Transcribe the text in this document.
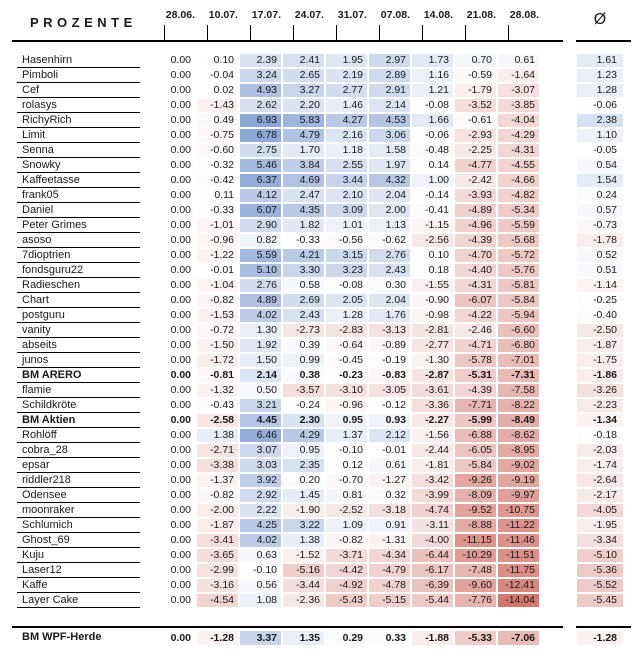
PROZENTE	28.06.	10.07.	17.07.	24.07.	31.07.	07.08.	14.08.	21.08.	28.08.	Ø
Hasenhirn	0.00	0.10	2.39	2.41	1.95	2.97	1.73	0.70	0.61	1.61
Pimboli	0.00	-0.04	3.24	2.65	2.19	2.89	1.16	-0.59	-1.64	1.23
Cef	0.00	0.02	4.93	3.27	2.77	2.91	1.21	-1.79	-3.07	1.28
rolasys	0.00	-1.43	2.62	2.20	1.46	2.14	-0.08	-3.52	-3.85	-0.06
RichyRich	0.00	0.49	6.93	5.83	4.27	4.53	1.66	-0.61	-4.04	2.38
Limit	0.00	-0.75	6.78	4.79	2.16	3.06	-0.06	-2.93	-4.29	1.10
Senna	0.00	-0.60	2.75	1.70	1.18	1.58	-0.48	-2.25	-4.31	-0.05
Snowky	0.00	-0.32	5.46	3.84	2.55	1.97	0.14	-4.77	-4.55	0.54
Kaffeetasse	0.00	-0.42	6.37	4.69	3.44	4.32	1.00	-2.42	-4.66	1.54
frank05	0.00	0.11	4.12	2.47	2.10	2.04	-0.14	-3.93	-4.82	0.24
Daniel	0.00	-0.33	6.07	4.35	3.09	2.00	-0.41	-4.89	-5.34	0.57
Peter Grimes	0.00	-1.01	2.90	1.82	1.01	1.13	-1.15	-4.96	-5.59	-0.73
asoso	0.00	-0.96	0.82	-0.33	-0.56	-0.62	-2.56	-4.39	-5.68	-1.78
7dioptrien	0.00	-1.22	5.59	4.21	3.15	2.76	0.10	-4.70	-5.72	0.52
fondsguru22	0.00	-0.01	5.10	3.30	3.23	2.43	0.18	-4.40	-5.76	0.51
Radieschen	0.00	-1.04	2.76	0.58	-0.08	0.30	-1.55	-4.31	-5.81	-1.14
Chart	0.00	-0.82	4.89	2.69	2.05	2.04	-0.90	-6.07	-5.84	-0.25
postguru	0.00	-1.53	4.02	2.43	1.28	1.76	-0.98	-4.22	-5.94	-0.40
vanity	0.00	-0.72	1.30	-2.73	-2.83	-3.13	-2.81	-2.46	-6.60	-2.50
abseits	0.00	-1.50	1.92	0.39	-0.64	-0.89	-2.77	-4.71	-6.80	-1.87
junos	0.00	-1.72	1.50	0.99	-0.45	-0.19	-1.30	-5.78	-7.01	-1.75
BM ARERO	0.00	-0.81	2.14	0.38	-0.23	-0.83	-2.87	-5.31	-7.31	-1.86
flamie	0.00	-1.32	0.50	-3.57	-3.10	-3.05	-3.61	-4.39	-7.58	-3.26
Schildkröte	0.00	-0.43	3.21	-0.24	-0.96	-0.12	-3.36	-7.71	-8.22	-2.23
BM Aktien	0.00	-2.58	4.45	2.30	0.95	0.93	-2.27	-5.99	-8.49	-1.34
Rohlöff	0.00	1.38	6.46	4.29	1.37	2.12	-1.56	-6.88	-8.62	-0.18
cobra_28	0.00	-2.71	3.07	0.95	-0.10	-0.01	-2.44	-6.05	-8.95	-2.03
epsar	0.00	-3.38	3.03	2.35	0.12	0.61	-1.81	-5.84	-9.02	-1.74
riddler218	0.00	-1.37	3.92	0.20	-0.70	-1.27	-3.42	-9.26	-9.19	-2.64
Odensee	0.00	-0.82	2.92	1.45	0.81	0.32	-3.99	-8.09	-9.97	-2.17
moonraker	0.00	-2.00	2.22	-1.90	-2.52	-3.18	-4.74	-9.52	-10.75	-4.05
Schlumich	0.00	-1.87	4.25	3.22	1.09	0.91	-3.11	-8.88	-11.22	-1.95
Ghost_69	0.00	-3.41	4.02	1.38	-0.82	-1.31	-4.00	-11.15	-11.46	-3.34
Kuju	0.00	-3.65	0.63	-1.52	-3.71	-4.34	-6.44	-10.29	-11.51	-5.10
Laser12	0.00	-2.99	-0.10	-5.16	-4.42	-4.79	-6.17	-7.48	-11.75	-5.36
Kaffe	0.00	-3.16	0.56	-3.44	-4.92	-4.78	-6.39	-9.60	-12.41	-5.52
Layer Cake	0.00	-4.54	1.08	-2.36	-5.43	-5.15	-5.44	-7.76	-14.04	-5.45
BM WPF-Herde	0.00	-1.28	3.37	1.35	0.29	0.33	-1.88	-5.33	-7.06	-1.28
